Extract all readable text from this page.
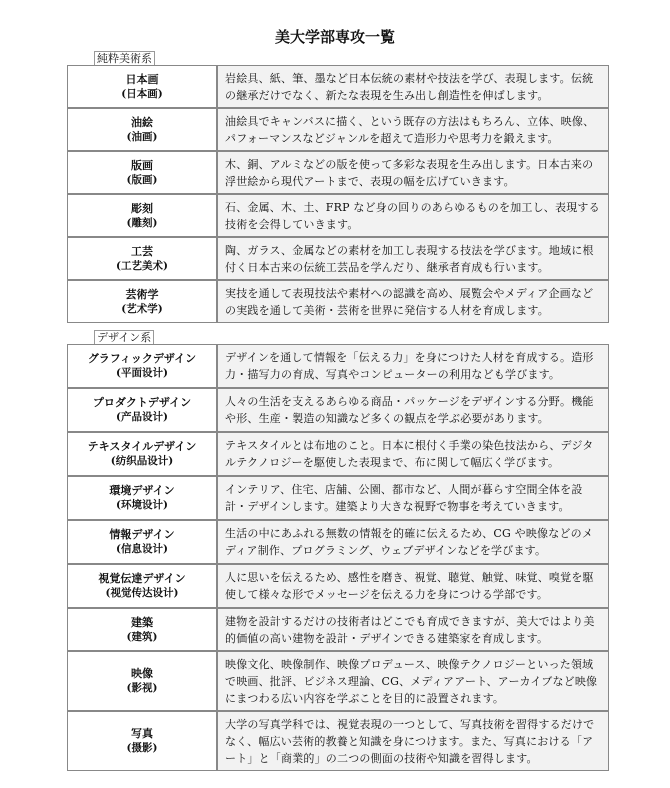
美大学部専攻一覧
純粋美術系
日本画
(日本画)	岩絵具、紙、筆、墨など日本伝統の素材や技法を学び、表現します。伝統の継承だけでなく、新たな表現を生み出し創造性を伸ばします。

油絵
(油画)	油絵具でキャンバスに描く、という既存の方法はもちろん、立体、映像、パフォーマンスなどジャンルを超えて造形力や思考力を鍛えます。

版画
(版画)	木、銅、アルミなどの版を使って多彩な表現を生み出します。日本古来の浮世絵から現代アートまで、表現の幅を広げていきます。

彫刻
(雕刻)	石、金属、木、土、FRP など身の回りのあらゆるものを加工し、表現する技術を会得していきます。

工芸
(工艺美术)	陶、ガラス、金属などの素材を加工し表現する技法を学びます。地域に根付く日本古来の伝統工芸品を学んだり、継承者育成も行います。

芸術学
(艺术学)	実技を通して表現技法や素材への認識を高め、展覧会やメディア企画などの実践を通して美術・芸術を世界に発信する人材を育成します。
デザイン系
グラフィックデザイン
(平面设计)	デザインを通して情報を「伝える力」を身につけた人材を育成する。造形力・描写力の育成、写真やコンピューターの利用なども学びます。

プロダクトデザイン
(产品设计)	人々の生活を支えるあらゆる商品・パッケージをデザインする分野。機能や形、生産・製造の知識など多くの観点を学ぶ必要があります。

テキスタイルデザイン
(纺织品设计)	テキスタイルとは布地のこと。日本に根付く手業の染色技法から、デジタルテクノロジーを駆使した表現まで、布に関して幅広く学びます。

環境デザイン
(环境设计)	インテリア、住宅、店舗、公園、都市など、人間が暮らす空間全体を設計・デザインします。建築より大きな視野で物事を考えていきます。

情報デザイン
(信息设计)	生活の中にあふれる無数の情報を的確に伝えるため、CG や映像などのメディア制作、プログラミング、ウェブデザインなどを学びます。

視覚伝達デザイン
(视觉传达设计)	人に思いを伝えるため、感性を磨き、視覚、聴覚、触覚、味覚、嗅覚を駆使して様々な形でメッセージを伝える力を身につける学部です。

建築
(建筑)	建物を設計するだけの技術者はどこでも育成できますが、美大ではより美的価値の高い建物を設計・デザインできる建築家を育成します。

映像
(影视)	映像文化、映像制作、映像プロデュース、映像テクノロジーといった領域で映画、批評、ビジネス理論、CG、メディアアート、アーカイブなど映像にまつわる広い内容を学ぶことを目的に設置されます。

写真
(摄影)	大学の写真学科では、視覚表現の一つとして、写真技術を習得するだけでなく、幅広い芸術的教養と知識を身につけます。また、写真における「アート」と「商業的」の二つの側面の技術や知識を習得します。
